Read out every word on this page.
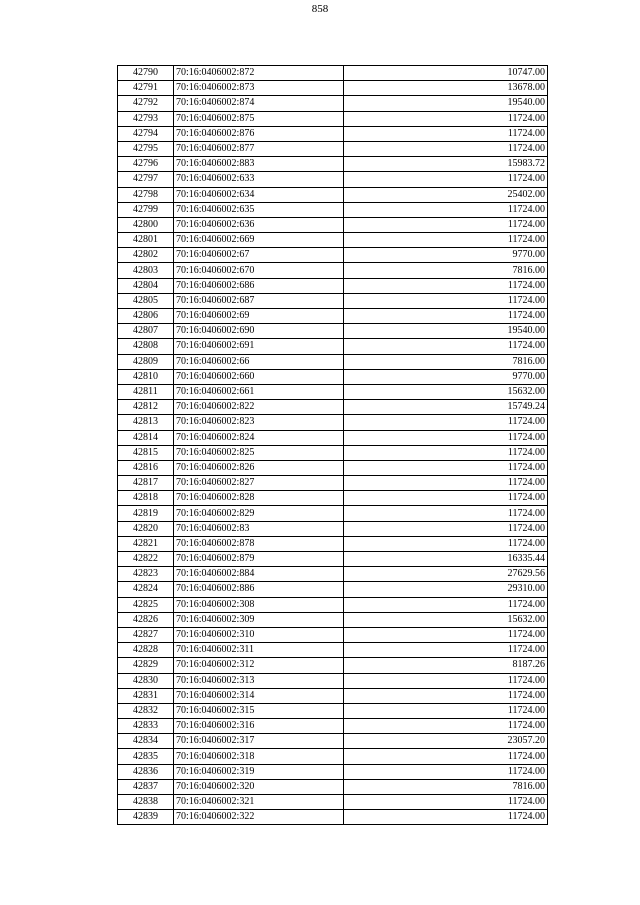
858
42790	70:16:0406002:872	10747.00
42791	70:16:0406002:873	13678.00
42792	70:16:0406002:874	19540.00
42793	70:16:0406002:875	11724.00
42794	70:16:0406002:876	11724.00
42795	70:16:0406002:877	11724.00
42796	70:16:0406002:883	15983.72
42797	70:16:0406002:633	11724.00
42798	70:16:0406002:634	25402.00
42799	70:16:0406002:635	11724.00
42800	70:16:0406002:636	11724.00
42801	70:16:0406002:669	11724.00
42802	70:16:0406002:67	9770.00
42803	70:16:0406002:670	7816.00
42804	70:16:0406002:686	11724.00
42805	70:16:0406002:687	11724.00
42806	70:16:0406002:69	11724.00
42807	70:16:0406002:690	19540.00
42808	70:16:0406002:691	11724.00
42809	70:16:0406002:66	7816.00
42810	70:16:0406002:660	9770.00
42811	70:16:0406002:661	15632.00
42812	70:16:0406002:822	15749.24
42813	70:16:0406002:823	11724.00
42814	70:16:0406002:824	11724.00
42815	70:16:0406002:825	11724.00
42816	70:16:0406002:826	11724.00
42817	70:16:0406002:827	11724.00
42818	70:16:0406002:828	11724.00
42819	70:16:0406002:829	11724.00
42820	70:16:0406002:83	11724.00
42821	70:16:0406002:878	11724.00
42822	70:16:0406002:879	16335.44
42823	70:16:0406002:884	27629.56
42824	70:16:0406002:886	29310.00
42825	70:16:0406002:308	11724.00
42826	70:16:0406002:309	15632.00
42827	70:16:0406002:310	11724.00
42828	70:16:0406002:311	11724.00
42829	70:16:0406002:312	8187.26
42830	70:16:0406002:313	11724.00
42831	70:16:0406002:314	11724.00
42832	70:16:0406002:315	11724.00
42833	70:16:0406002:316	11724.00
42834	70:16:0406002:317	23057.20
42835	70:16:0406002:318	11724.00
42836	70:16:0406002:319	11724.00
42837	70:16:0406002:320	7816.00
42838	70:16:0406002:321	11724.00
42839	70:16:0406002:322	11724.00
